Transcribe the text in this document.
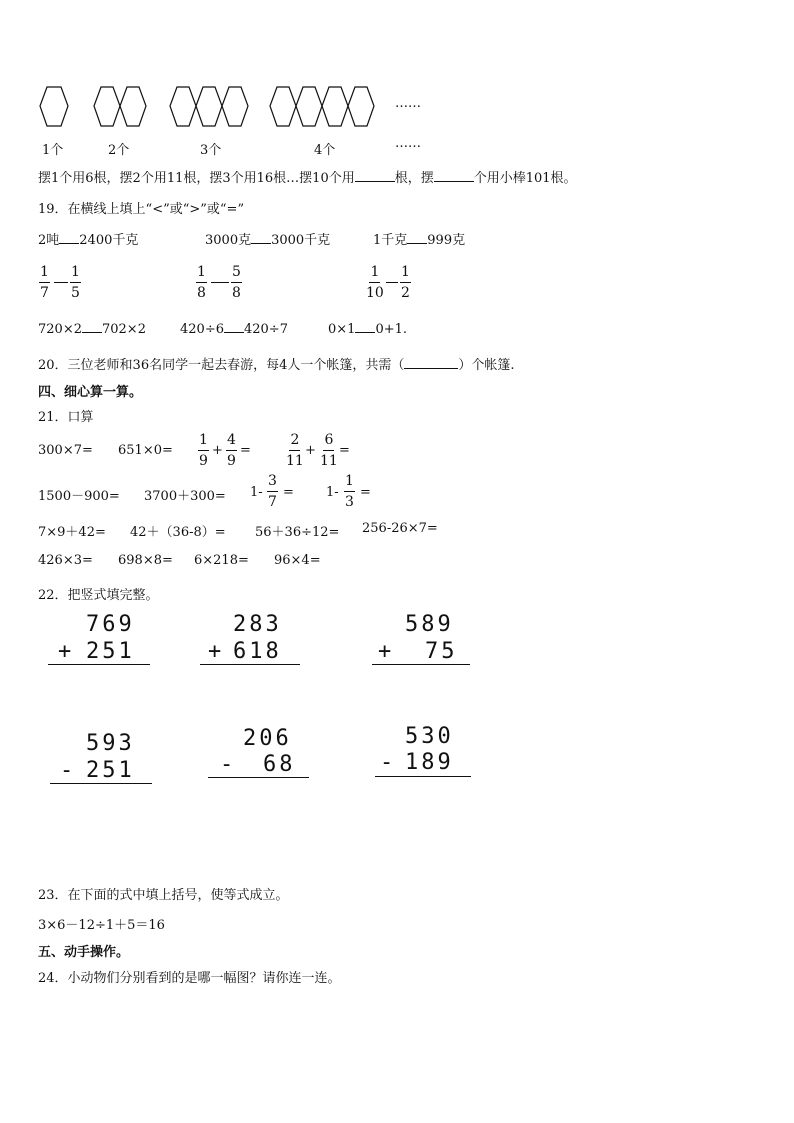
……
1个	2个	3个	4个	……
摆1个用6根，摆2个用11根，摆3个用16根…摆10个用	根，摆	个用小棒101根。
19．在横线上填上“<”或“>”或“=”
2吨 2400千克	3000克 3000千克	1千克 999克
$\frac{1}{7} \frac{1}{5}$	$\frac{1}{8} \frac{5}{8}$	$\frac{1}{10} \frac{1}{2}$
720×2 702×2	420÷6 420÷7	0×1 0+1.
20．三位老师和36名同学一起去春游，每4人一个帐篷，共需（	）个帐篷.
四、细心算一算。
21．口算
$300\times 7= 651\times 0= \frac{1}{9} + \frac{4}{9}$ =	$\frac{2}{11} + \frac{6}{11}$ =
$1500-900= 3700+300= 1- \frac{3}{7} = 1- \frac{1}{3}$ =
7×9＋42= 42＋（36-8）= 56＋36÷12= 256-26×7=
426×3= 698×8= 6×218= 96×4=
22．把竖式填完整。
769
+ 251
283
+ 618
589
+ 75
593
- 251
206
- 68
530
- 189
23．在下面的式中填上括号，使等式成立。
3×6－12÷1＋5＝16
五、动手操作。
24．小动物们分别看到的是哪一幅图？请你连一连。
